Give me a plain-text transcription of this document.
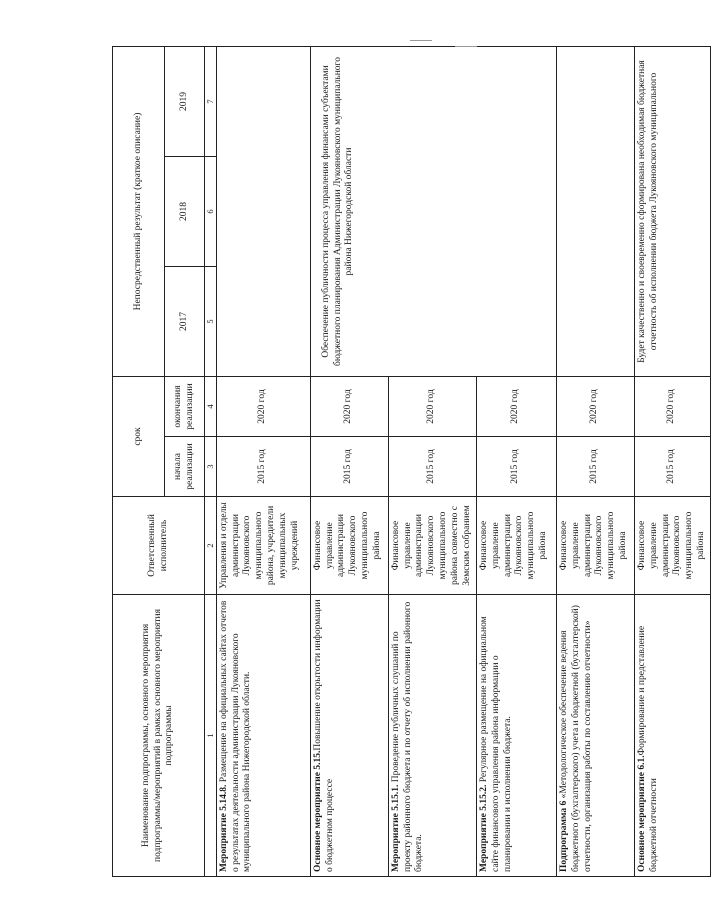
Наименование подпрограммы, основного мероприятия подпрограммы/мероприятий в рамках основного мероприятия подпрограммы	Ответственный исполнитель	срок		Непосредственный результат (краткое описание)		
		начала реализации	окончания реализации	2017	2018	2019
1	2	3	4	5	6	7
Мероприятие 5.14.8. Размещение на официальных сайтах отчетов о результатах деятельности администрации Лукояновского муниципального района Нижегородской области.	Управления и отделы администрации Лукояновского муниципального района, учредители муниципальных учреждений	2015 год	2020 год			
Основное мероприятие 5.15.Повышение открытости информации о бюджетном процессе	Финансовое управление администрации Лукояновского муниципального района	2015 год	2020 год	Обеспечение публичности процесса управления финансами субъектами бюджетного планирования Администрации Лукояновского муниципального района Нижегородской области		
Мероприятие 5.15.1. Проведение публичных слушаний по проекту районного бюджета и по отчету об исполнении районного бюджета.	Финансовое управление администрации Лукояновского муниципального района совместно с Земским собранием	2015 год	2020 год			
Мероприятие 5.15.2. Регулярное размещение на официальном сайте финансового управления района информации о планировании и исполнении бюджета.	Финансовое управление администрации Лукояновского муниципального района	2015 год	2020 год			
Подпрограмма 6 «Методологическое обеспечение ведения бюджетного (бухгалтерского) учета и бюджетной (бухгалтерской) отчетности, организация работы по составлению отчетности»	Финансовое управление администрации Лукояновского муниципального района	2015 год	2020 год			
Основное мероприятие 6.1.Формирование и представление бюджетной отчетности	Финансовое управление администрации Лукояновского муниципального района	2015 год	2020 год	Будет качественно и своевременно сформирована необходимая бюджетная отчетность об исполнении бюджета Лукояновского муниципального		
